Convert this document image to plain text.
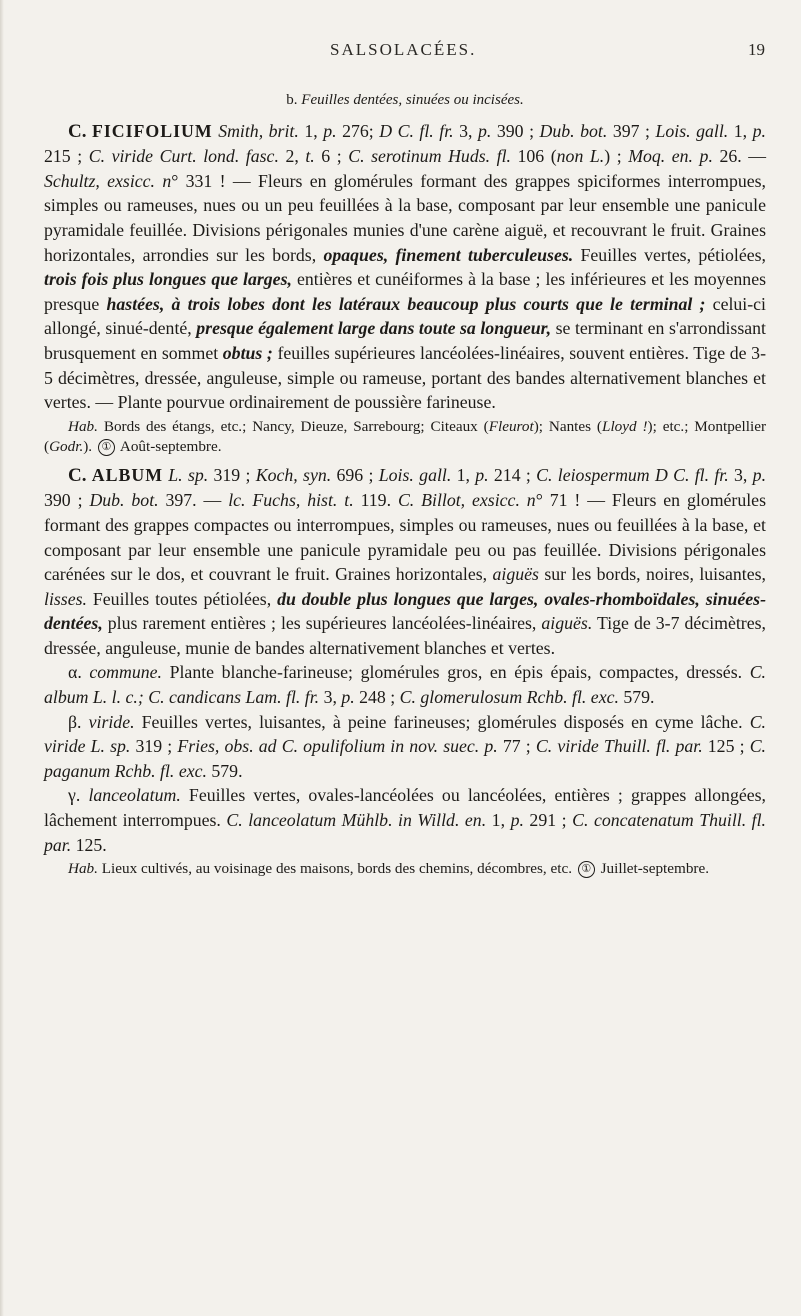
SALSOLACÉES.	19
b. Feuilles dentées, sinuées ou incisées.

C. FICIFOLIUM Smith, brit. 1, p. 276; D C. fl. fr. 3, p. 390 ; Dub. bot. 397 ; Lois. gall. 1, p. 215 ; C. viride Curt. lond. fasc. 2, t. 6 ; C. serotinum Huds. fl. 106 (non L.) ; Moq. en. p. 26. — Schultz, exsicc. n° 331 ! — Fleurs en glomérules formant des grappes spiciformes interrompues, simples ou rameuses, nues ou un peu feuillées à la base, composant par leur ensemble une panicule pyramidale feuillée. Divisions périgonales munies d'une carène aiguë, et recouvrant le fruit. Graines horizontales, arrondies sur les bords, opaques, finement tuberculeuses. Feuilles vertes, pétiolées, trois fois plus longues que larges, entières et cunéiformes à la base ; les inférieures et les moyennes presque hastées, à trois lobes dont les latéraux beaucoup plus courts que le terminal ; celui-ci allongé, sinué-denté, presque également large dans toute sa longueur, se terminant en s'arrondissant brusquement en sommet obtus ; feuilles supérieures lancéolées-linéaires, souvent entières. Tige de 3-5 décimètres, dressée, anguleuse, simple ou rameuse, portant des bandes alternativement blanches et vertes. — Plante pourvue ordinairement de poussière farineuse.

Hab. Bords des étangs, etc.; Nancy, Dieuze, Sarrebourg; Citeaux (Fleurot); Nantes (Lloyd !); etc.; Montpellier (Godr.). ① Août-septembre.

C. ALBUM L. sp. 319 ; Koch, syn. 696 ; Lois. gall. 1, p. 214 ; C. leiospermum D C. fl. fr. 3, p. 390 ; Dub. bot. 397. — lc. Fuchs, hist. t. 119. C. Billot, exsicc. n° 71 ! — Fleurs en glomérules formant des grappes compactes ou interrompues, simples ou rameuses, nues ou feuillées à la base, et composant par leur ensemble une panicule pyramidale peu ou pas feuillée. Divisions périgonales carénées sur le dos, et couvrant le fruit. Graines horizontales, aiguës sur les bords, noires, luisantes, lisses. Feuilles toutes pétiolées, du double plus longues que larges, ovales-rhomboïdales, sinuées-dentées, plus rarement entières ; les supérieures lancéolées-linéaires, aiguës. Tige de 3-7 décimètres, dressée, anguleuse, munie de bandes alternativement blanches et vertes.

α. commune. Plante blanche-farineuse; glomérules gros, en épis épais, compactes, dressés. C. album L. l. c.; C. candicans Lam. fl. fr. 3, p. 248 ; C. glomerulosum Rchb. fl. exc. 579.

β. viride. Feuilles vertes, luisantes, à peine farineuses; glomérules disposés en cyme lâche. C. viride L. sp. 319 ; Fries, obs. ad C. opulifolium in nov. suec. p. 77 ; C. viride Thuill. fl. par. 125 ; C. paganum Rchb. fl. exc. 579.

γ. lanceolatum. Feuilles vertes, ovales-lancéolées ou lancéolées, entières ; grappes allongées, lâchement interrompues. C. lanceolatum Mühlb. in Willd. en. 1, p. 291 ; C. concatenatum Thuill. fl. par. 125.

Hab. Lieux cultivés, au voisinage des maisons, bords des chemins, décombres, etc. ① Juillet-septembre.
